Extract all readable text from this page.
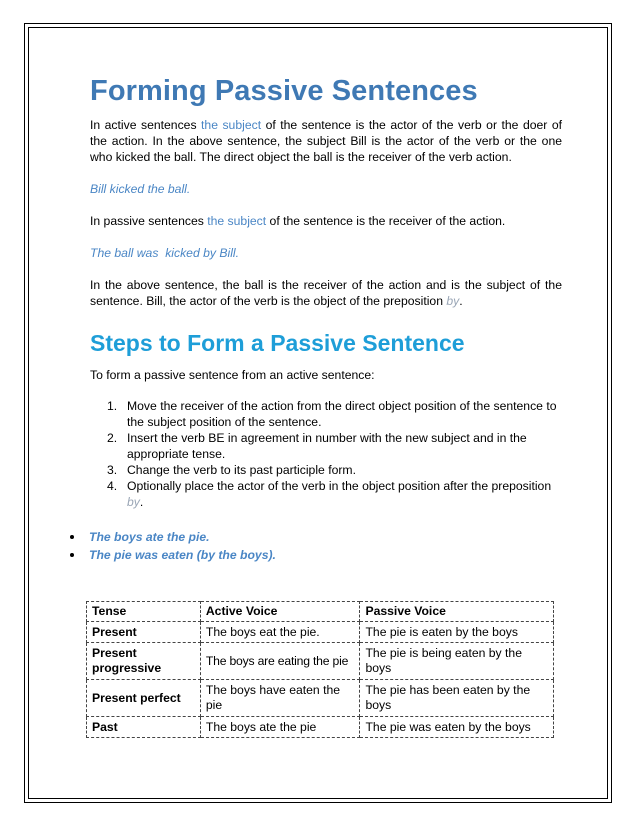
Forming Passive Sentences

In active sentences the subject of the sentence is the actor of the verb or the doer of the action. In the above sentence, the subject Bill is the actor of the verb or the one who kicked the ball. The direct object the ball is the receiver of the verb action.

Bill kicked the ball.

In passive sentences the subject of the sentence is the receiver of the action.

The ball was  kicked by Bill.

In the above sentence, the ball is the receiver of the action and is the subject of the sentence. Bill, the actor of the verb is the object of the preposition by.

Steps to Form a Passive Sentence

To form a passive sentence from an active sentence:

1. Move the receiver of the action from the direct object position of the sentence to the subject position of the sentence.
2. Insert the verb BE in agreement in number with the new subject and in the appropriate tense.
3. Change the verb to its past participle form.
4. Optionally place the actor of the verb in the object position after the preposition by.
The boys ate the pie.
The pie was eaten (by the boys).
Tense	Active Voice	Passive Voice
Present	The boys eat the pie.	The pie is eaten by the boys
Present progressive	The boys are eating the pie	The pie is being eaten by the boys
Present perfect	The boys have eaten the pie	The pie has been eaten by the boys
Past	The boys ate the pie	The pie was eaten by the boys
